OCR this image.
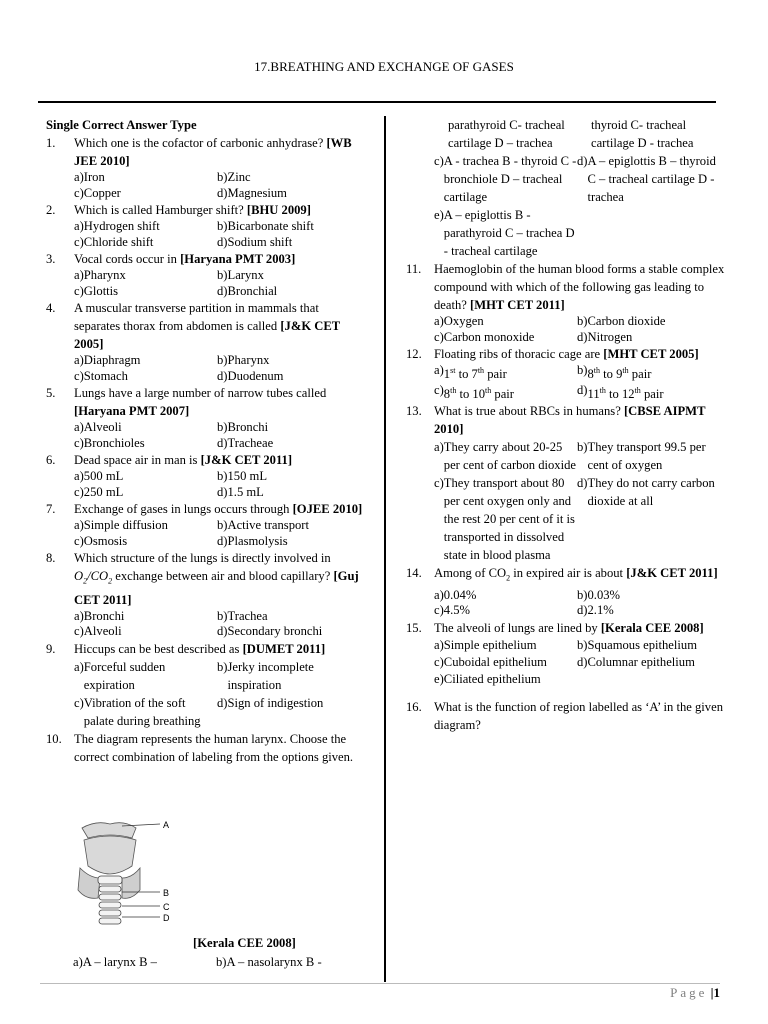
17.BREATHING AND EXCHANGE OF GASES
Single Correct Answer Type
1.	Which one is the cofactor of carbonic anhydrase? [WB JEE 2010]
a) Iron	b) Zinc
c) Copper	d) Magnesium
2.	Which is called Hamburger shift? [BHU 2009]
a) Hydrogen shift	b) Bicarbonate shift
c) Chloride shift	d) Sodium shift
3.	Vocal cords occur in [Haryana PMT 2003]
a) Pharynx	b) Larynx
c) Glottis	d) Bronchial
4.	A muscular transverse partition in mammals that separates thorax from abdomen is called [J&K CET 2005]
a) Diaphragm	b) Pharynx
c) Stomach	d) Duodenum
5.	Lungs have a large number of narrow tubes called [Haryana PMT 2007]
a) Alveoli	b) Bronchi
c) Bronchioles	d) Tracheae
6.	Dead space air in man is [J&K CET 2011]
a) 500 mL	b) 150 mL
c) 250 mL	d) 1.5 mL
7.	Exchange of gases in lungs occurs through [OJEE 2010]
a) Simple diffusion	b) Active transport
c) Osmosis	d) Plasmolysis
8.	Which structure of the lungs is directly involved in $O_2/CO_2$ exchange between air and blood capillary? [Guj CET 2011]
a) Bronchi	b) Trachea
c) Alveoli	d) Secondary bronchi
9.	Hiccups can be best described as [DUMET 2011]
a) Forceful sudden expiration
b) Jerky incomplete inspiration
c) Vibration of the soft palate during breathing
d) Sign of indigestion
10. The diagram represents the human larynx. Choose the correct combination of labeling from the options given.
A
B
C
D
[Kerala CEE 2008]
a) A – larynx B –	b) A – nasolarynx B -
parathyroid C- tracheal cartilage D – trachea
thyroid C- tracheal cartilage D - trachea
c) A - trachea B - thyroid C - bronchiole D – tracheal cartilage
d) A – epiglottis B – thyroid C – tracheal cartilage D - trachea
e) A – epiglottis B - parathyroid C – trachea D - tracheal cartilage
11.	Haemoglobin of the human blood forms a stable complex compound with which of the following gas leading to death? [MHT CET 2011]
a) Oxygen	b) Carbon dioxide
c) Carbon monoxide	d) Nitrogen
12. Floating ribs of thoracic cage are [MHT CET 2005]
a) 1st to 7th pair	b) 8th to 9th pair
c) 8th to 10th pair	d) 11th to 12th pair
13. What is true about RBCs in humans? [CBSE AIPMT 2010]
a) They carry about 20-25 per cent of carbon dioxide
b) They transport 99.5 per cent of oxygen
c) They transport about 80 per cent oxygen only and the rest 20 per cent of it is transported in dissolved state in blood plasma
d) They do not carry carbon dioxide at all
14. Among of $CO_2$ in expired air is about [J&K CET 2011]
a) 0.04%	b) 0.03%
c) 4.5%	d) 2.1%
15. The alveoli of lungs are lined by [Kerala CEE 2008]
a) Simple epithelium	b) Squamous epithelium
c) Cuboidal epithelium	d) Columnar epithelium
e) Ciliated epithelium
16. What is the function of region labelled as ‘A’ in the given diagram?
Page |1
